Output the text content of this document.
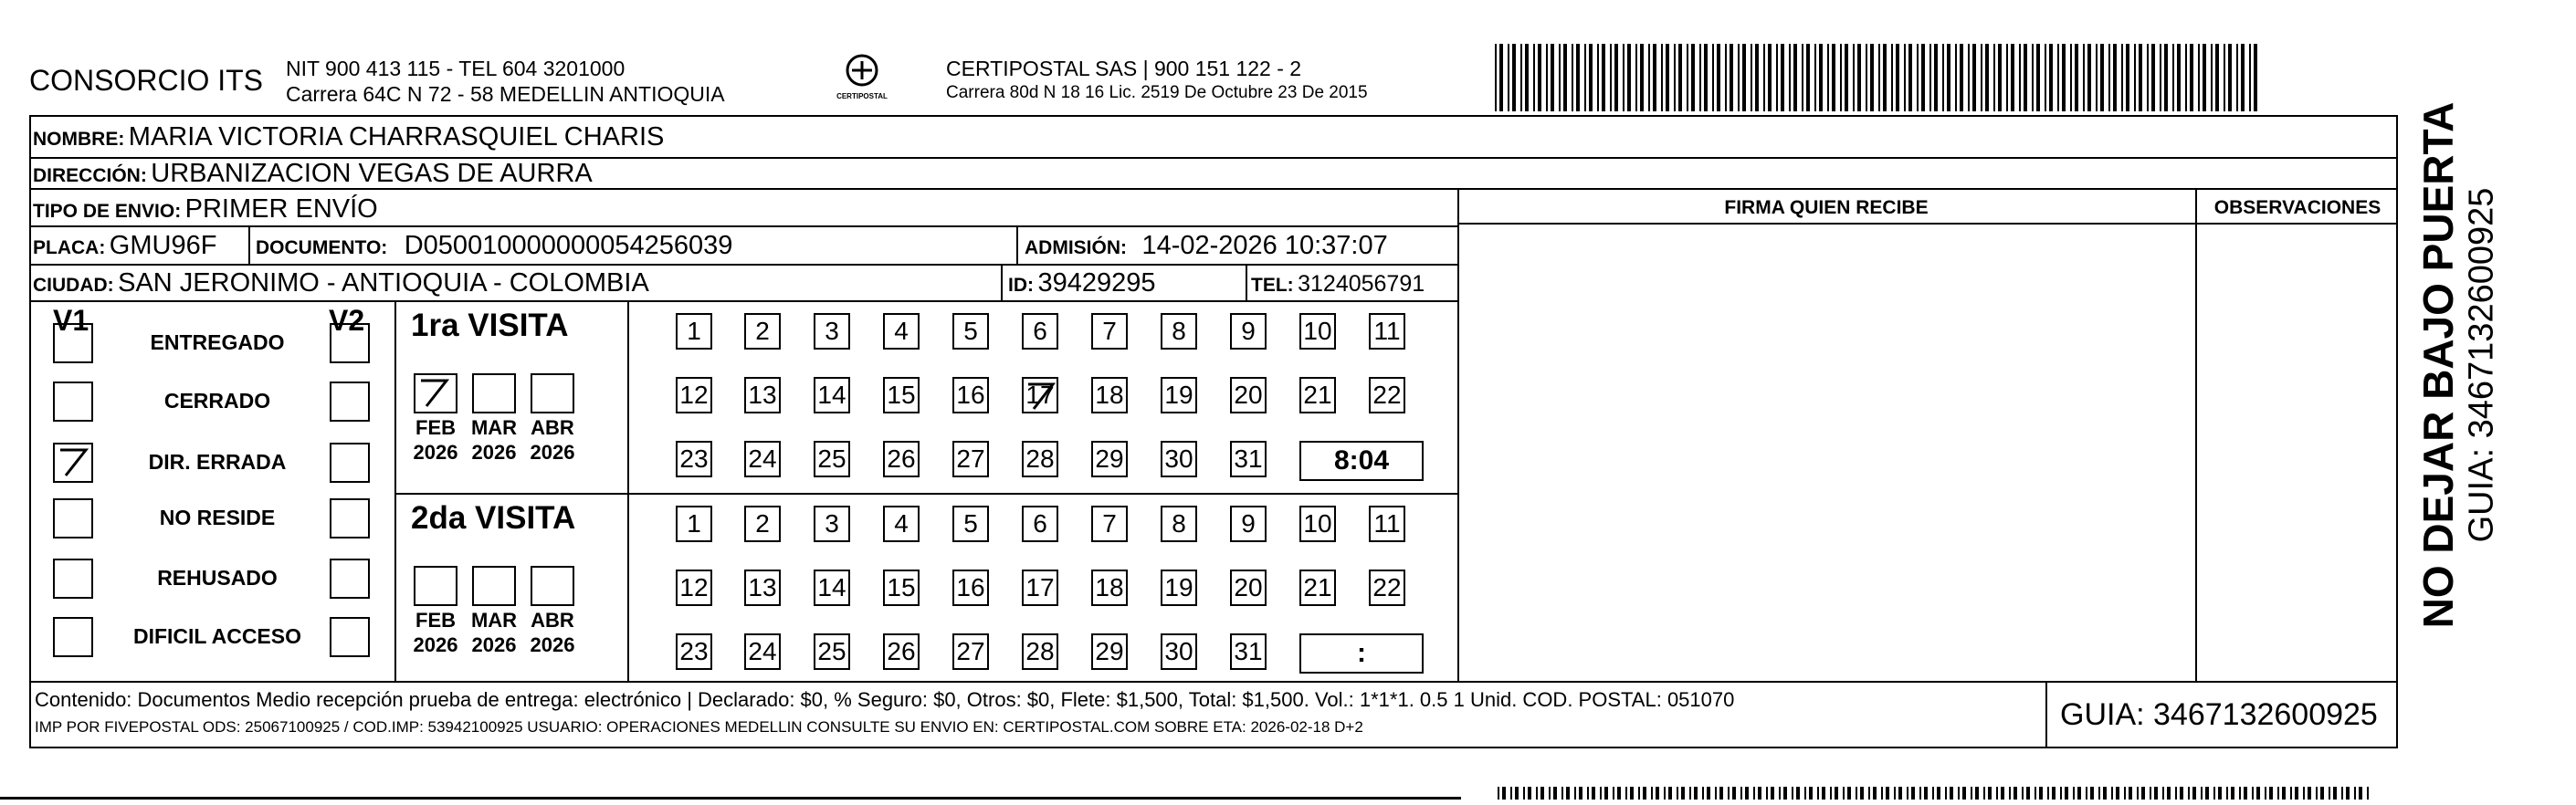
CONSORCIO ITS NIT 900 413 115 - TEL 604 3201000
Carrera 64C N 72 - 58 MEDELLIN ANTIOQUIA	CERTIPOSTAL
CERTIPOSTAL SAS | 900 151 122 - 2
Carrera 80d N 18 16 Lic. 2519 De Octubre 23 De 2015
NOMBRE: MARIA VICTORIA CHARRASQUIEL CHARIS
DIRECCIÓN: URBANIZACION VEGAS DE AURRA
TIPO DE ENVIO: PRIMER ENVÍO	FIRMA QUIEN RECIBE	OBSERVACIONES
PLACA: GMU96F DOCUMENTO: D050010000000054256039	ADMISIÓN: 14-02-2026 10:37:07
CIUDAD: SAN JERONIMO - ANTIOQUIA - COLOMBIA	ID: 39429295	TEL: 3124056791
V1	V2
ENTREGADO
CERRADO
DIR. ERRADA
NO RESIDE
REHUSADO
DIFICIL ACCESO
1ra VISITA
FEB
2026
MAR
2026
ABR
2026
1	2	3	4	5	6	7	8	9	10 11
12 13 14 15 16 17 18 19 20 21 22
23 24 25 26 27 28 29 30 31	8:04
2da VISITA
FEB
2026
MAR
2026
ABR
2026
1	2	3	4	5	6	7	8	9	10 11
12 13 14 15 16 17 18 19 20 21 22
23 24 25 26 27 28 29 30 31	:
Contenido: Documentos Medio recepción prueba de entrega: electrónico | Declarado: $0, % Seguro: $0, Otros: $0, Flete: $1,500, Total: $1,500. Vol.: 1*1*1. 0.5 1 Unid. COD. POSTAL: 051070
IMP POR FIVEPOSTAL ODS: 25067100925 / COD.IMP: 53942100925 USUARIO: OPERACIONES MEDELLIN CONSULTE SU ENVIO EN: CERTIPOSTAL.COM SOBRE ETA: 2026-02-18 D+2	GUIA: 3467132600925
NO DEJAR BAJO PUERTA GUIA: 3467132600925
